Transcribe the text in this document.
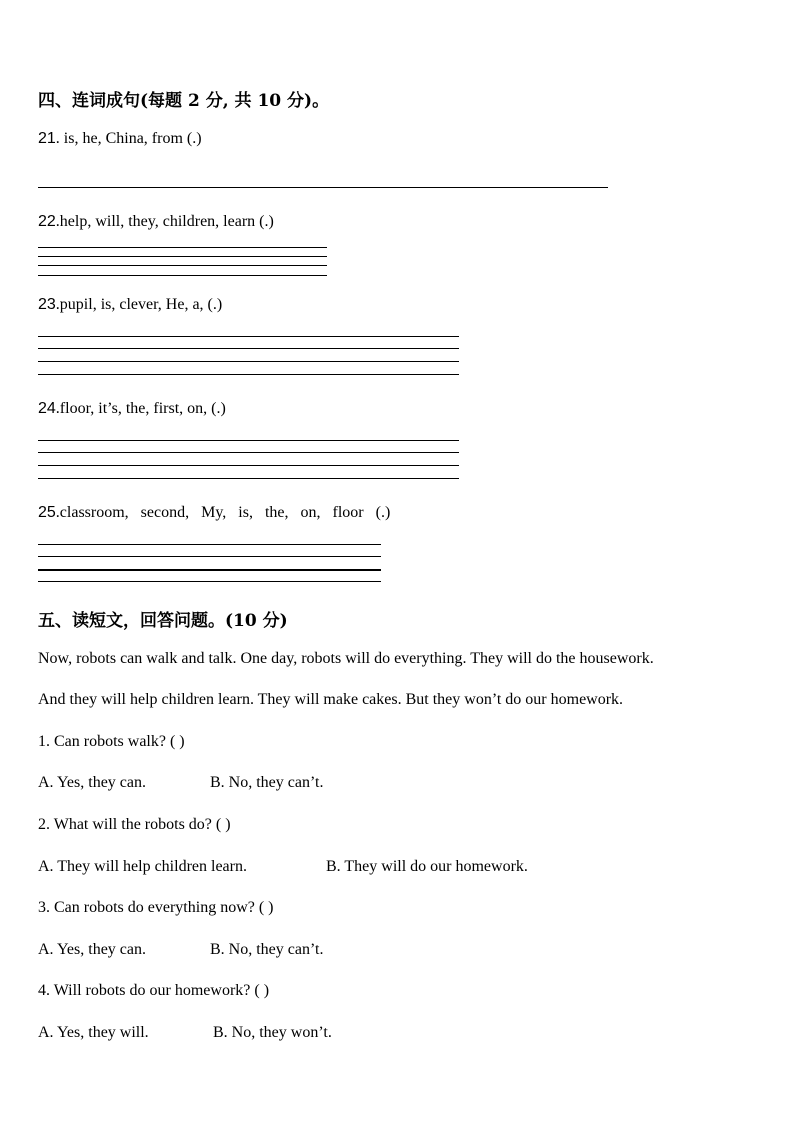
四、连词成句(每题 2 分, 共 10 分)。
21. is, he, China, from (.)
22.help, will, they, children, learn (.)
23.pupil, is, clever, He, a, (.)
24.floor, it’s, the, first, on, (.)
25.classroom, second, My, is, the, on, floor (.)
五、读短文，回答问题。(10 分)
Now, robots can walk and talk. One day, robots will do everything. They will do the housework.
And they will help children learn. They will make cakes. But they won’t do our homework.
1. Can robots walk? ( )
A. Yes, they can.	B. No, they can’t.
2. What will the robots do? ( )
A. They will help children learn.	B. They will do our homework.
3. Can robots do everything now? ( )
A. Yes, they can.	B. No, they can’t.
4. Will robots do our homework? ( )
A. Yes, they will.	B. No, they won’t.
